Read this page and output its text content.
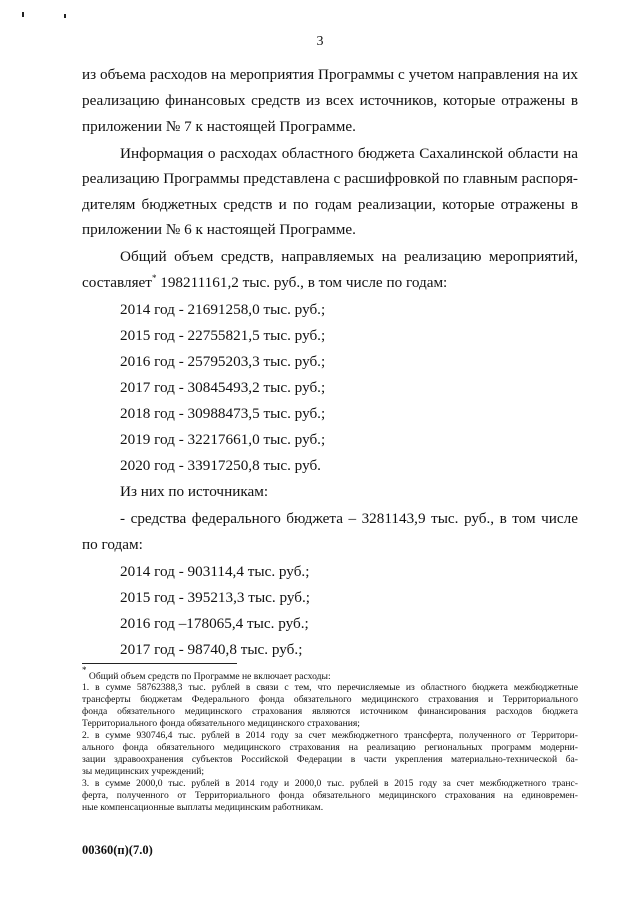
3
из объема расходов на мероприятия Программы с учетом направления на их
реализацию финансовых средств из всех источников, которые отражены в
приложении № 7 к настоящей Программе.
Информация о расходах областного бюджета Сахалинской области на
реализацию Программы представлена с расшифровкой по главным распоря-
дителям бюджетных средств и по годам реализации, которые отражены в
приложении № 6 к настоящей Программе.
Общий объем средств, направляемых на реализацию мероприятий,
составляет* 198211161,2 тыс. руб., в том числе по годам:
2014 год - 21691258,0 тыс. руб.;
2015 год - 22755821,5 тыс. руб.;
2016 год - 25795203,3 тыс. руб.;
2017 год - 30845493,2 тыс. руб.;
2018 год - 30988473,5 тыс. руб.;
2019 год - 32217661,0 тыс. руб.;
2020 год - 33917250,8 тыс. руб.
Из них по источникам:
- средства федерального бюджета – 3281143,9 тыс. руб., в том числе
по годам:
2014 год - 903114,4 тыс. руб.;
2015 год - 395213,3 тыс. руб.;
2016 год –178065,4 тыс. руб.;
2017 год - 98740,8 тыс. руб.;
* Общий объем средств по Программе не включает расходы:
1. в сумме 58762388,3 тыс. рублей в связи с тем, что перечисляемые из областного бюджета межбюджетные
трансферты бюджетам Федерального фонда обязательного медицинского страхования и Территориального
фонда обязательного медицинского страхования являются источником финансирования расходов бюджета
Территориального фонда обязательного медицинского страхования;
2. в сумме 930746,4 тыс. рублей в 2014 году за счет межбюджетного трансферта, полученного от Территори-
ального фонда обязательного медицинского страхования на реализацию региональных программ модерни-
зации здравоохранения субъектов Российской Федерации в части укрепления материально-технической ба-
зы медицинских учреждений;
3. в сумме 2000,0 тыс. рублей в 2014 году и 2000,0 тыс. рублей в 2015 году за счет межбюджетного транс-
ферта, полученного от Территориального фонда обязательного медицинского страхования на единовремен-
ные компенсационные выплаты медицинским работникам.
00360(п)(7.0)
